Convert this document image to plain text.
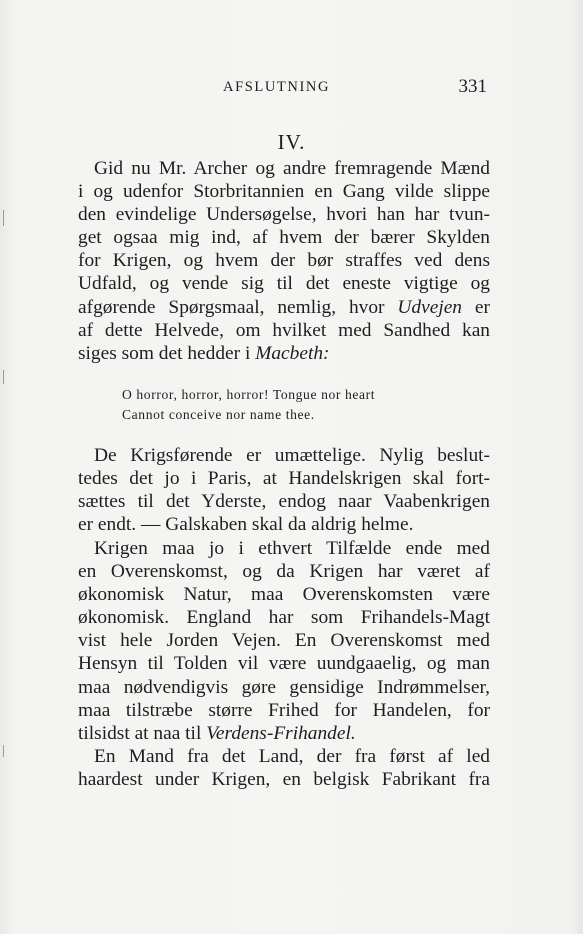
AFSLUTNING	331
IV.
Gid nu Mr. Archer og andre fremragende Mænd
i og udenfor Storbritannien en Gang vilde slippe
den evindelige Undersøgelse, hvori han har tvun-
get ogsaa mig ind, af hvem der bærer Skylden
for Krigen, og hvem der bør straffes ved dens
Udfald, og vende sig til det eneste vigtige og
afgørende Spørgsmaal, nemlig, hvor Udvejen er
af dette Helvede, om hvilket med Sandhed kan
siges som det hedder i Macbeth:
O horror, horror, horror! Tongue nor heart
Cannot conceive nor name thee.
De Krigsførende er umættelige. Nylig beslut-
tedes det jo i Paris, at Handelskrigen skal fort-
sættes til det Yderste, endog naar Vaabenkrigen
er endt. — Galskaben skal da aldrig helme.
Krigen maa jo i ethvert Tilfælde ende med
en Overenskomst, og da Krigen har været af
økonomisk Natur, maa Overenskomsten være
økonomisk. England har som Frihandels-Magt
vist hele Jorden Vejen. En Overenskomst med
Hensyn til Tolden vil være uundgaaelig, og man
maa nødvendigvis gøre gensidige Indrømmelser,
maa tilstræbe større Frihed for Handelen, for
tilsidst at naa til Verdens-Frihandel.
En Mand fra det Land, der fra først af led
haardest under Krigen, en belgisk Fabrikant fra
